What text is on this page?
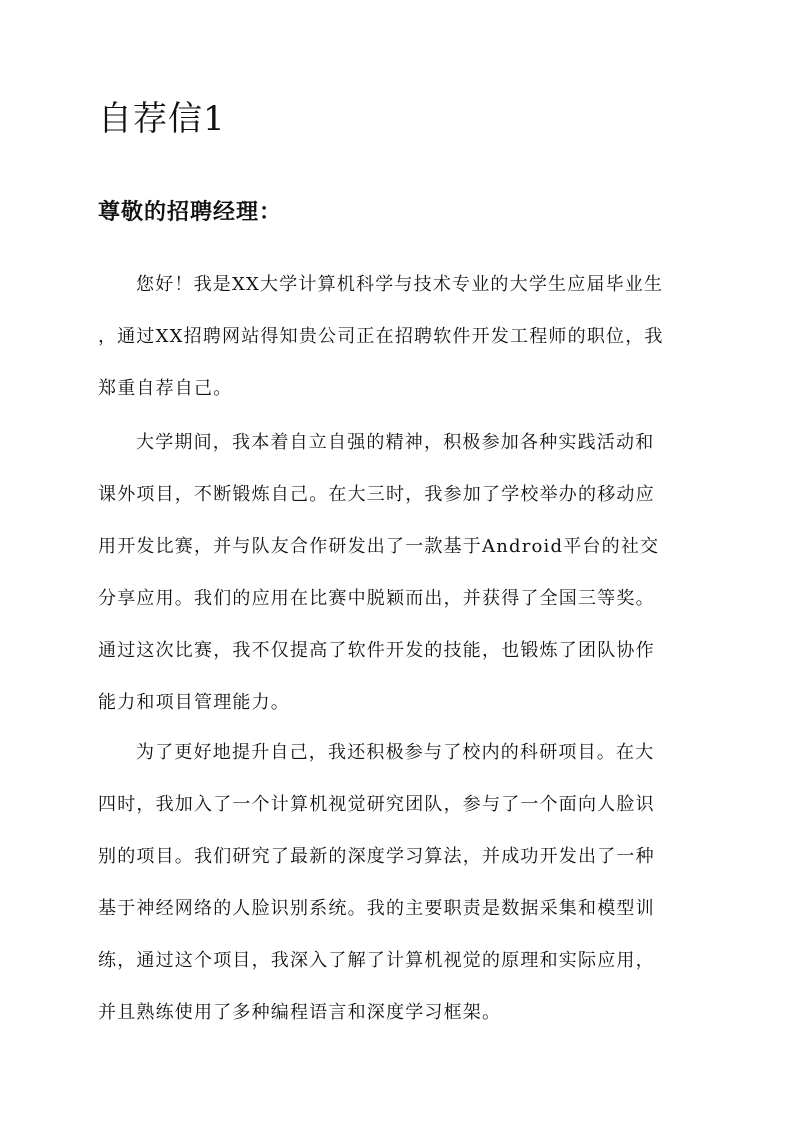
自荐信1
尊敬的招聘经理：
您好！我是XX大学计算机科学与技术专业的大学生应届毕业生
，通过XX招聘网站得知贵公司正在招聘软件开发工程师的职位，我
郑重自荐自己。
大学期间，我本着自立自强的精神，积极参加各种实践活动和
课外项目，不断锻炼自己。在大三时，我参加了学校举办的移动应
用开发比赛，并与队友合作研发出了一款基于Android平台的社交
分享应用。我们的应用在比赛中脱颖而出，并获得了全国三等奖。
通过这次比赛，我不仅提高了软件开发的技能，也锻炼了团队协作
能力和项目管理能力。
为了更好地提升自己，我还积极参与了校内的科研项目。在大
四时，我加入了一个计算机视觉研究团队，参与了一个面向人脸识
别的项目。我们研究了最新的深度学习算法，并成功开发出了一种
基于神经网络的人脸识别系统。我的主要职责是数据采集和模型训
练，通过这个项目，我深入了解了计算机视觉的原理和实际应用，
并且熟练使用了多种编程语言和深度学习框架。
